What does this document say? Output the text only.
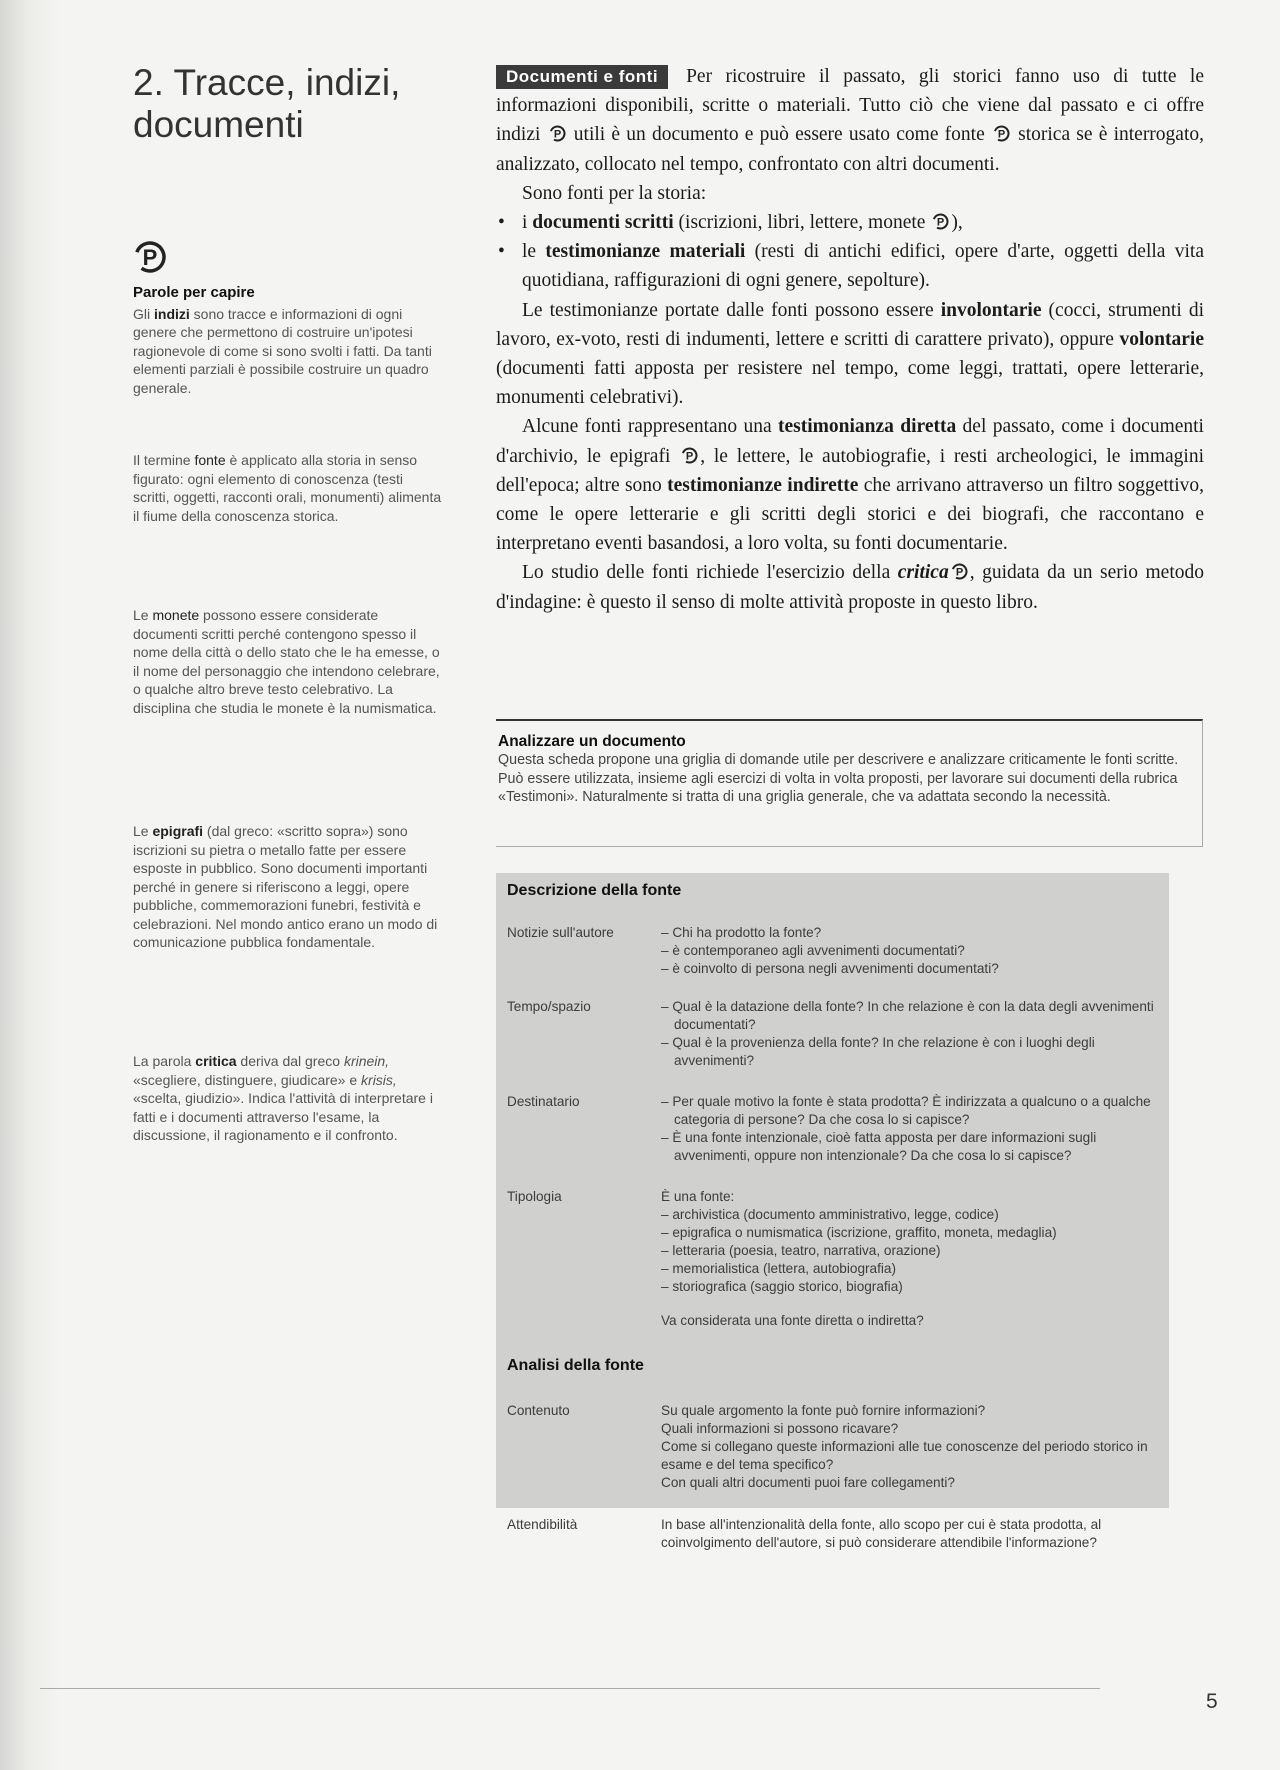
2. Tracce, indizi, documenti
P
Parole per capire
Gli indizi sono tracce e informazioni di ogni genere che permettono di costruire un'ipotesi ragionevole di come si sono svolti i fatti. Da tanti elementi parziali è possibile costruire un quadro generale.
Il termine fonte è applicato alla storia in senso figurato: ogni elemento di conoscenza (testi scritti, oggetti, racconti orali, monumenti) alimenta il fiume della conoscenza storica.
Le monete possono essere considerate documenti scritti perché contengono spesso il nome della città o dello stato che le ha emesse, o il nome del personaggio che intendono celebrare, o qualche altro breve testo celebrativo. La disciplina che studia le monete è la numismatica.
Le epigrafi (dal greco: «scritto sopra») sono iscrizioni su pietra o metallo fatte per essere esposte in pubblico. Sono documenti importanti perché in genere si riferiscono a leggi, opere pubbliche, commemorazioni funebri, festività e celebrazioni. Nel mondo antico erano un modo di comunicazione pubblica fondamentale.
La parola critica deriva dal greco krinein, «scegliere, distinguere, giudicare» e krisis, «scelta, giudizio». Indica l'attività di interpretare i fatti e i documenti attraverso l'esame, la discussione, il ragionamento e il confronto.

Documenti e fonti Per ricostruire il passato, gli storici fanno uso di tutte le informazioni disponibili, scritte o materiali. Tutto ciò che viene dal passato e ci offre indizi P utili è un documento e può essere usato come fonte P storica se è interrogato, analizzato, collocato nel tempo, confrontato con altri documenti.

Sono fonti per la storia:

• i documenti scritti (iscrizioni, libri, lettere, monete P ),
• le testimonianze materiali (resti di antichi edifici, opere d'arte, oggetti della vita quotidiana, raffigurazioni di ogni genere, sepolture).

Le testimonianze portate dalle fonti possono essere involontarie (cocci, strumenti di lavoro, ex-voto, resti di indumenti, lettere e scritti di carattere privato), oppure volontarie (documenti fatti apposta per resistere nel tempo, come leggi, trattati, opere letterarie, monumenti celebrativi).

Alcune fonti rappresentano una testimonianza diretta del passato, come i documenti d'archivio, le epigrafi P , le lettere, le autobiografie, i resti archeologici, le immagini dell'epoca; altre sono testimonianze indirette che arrivano attraverso un filtro soggettivo, come le opere letterarie e gli scritti degli storici e dei biografi, che raccontano e interpretano eventi basandosi, a loro volta, su fonti documentarie.

Lo studio delle fonti richiede l'esercizio della critica P , guidata da un serio metodo d'indagine: è questo il senso di molte attività proposte in questo libro.

Analizzare un documento

Questa scheda propone una griglia di domande utile per descrivere e analizzare criticamente le fonti scritte. Può essere utilizzata, insieme agli esercizi di volta in volta proposti, per lavorare sui documenti della rubrica «Testimoni». Naturalmente si tratta di una griglia generale, che va adattata secondo la necessità.

Descrizione della fonte
Notizie sull'autore	– Chi ha prodotto la fonte?
– è contemporaneo agli avvenimenti documentati?
– è coinvolto di persona negli avvenimenti documentati?
Tempo/spazio	– Qual è la datazione della fonte? In che relazione è con la data degli avvenimenti documentati?
– Qual è la provenienza della fonte? In che relazione è con i luoghi degli avvenimenti?
Destinatario	– Per quale motivo la fonte è stata prodotta? È indirizzata a qualcuno o a qualche categoria di persone? Da che cosa lo si capisce?
– È una fonte intenzionale, cioè fatta apposta per dare informazioni sugli avvenimenti, oppure non intenzionale? Da che cosa lo si capisce?
Tipologia	È una fonte:
– archivistica (documento amministrativo, legge, codice)
– epigrafica o numismatica (iscrizione, graffito, moneta, medaglia)
– letteraria (poesia, teatro, narrativa, orazione)
– memorialistica (lettera, autobiografia)
– storiografica (saggio storico, biografia)
Va considerata una fonte diretta o indiretta?
Analisi della fonte
Contenuto	Su quale argomento la fonte può fornire informazioni?
Quali informazioni si possono ricavare?
Come si collegano queste informazioni alle tue conoscenze del periodo storico in esame e del tema specifico?
Con quali altri documenti puoi fare collegamenti?
Attendibilità	In base all'intenzionalità della fonte, allo scopo per cui è stata prodotta, al coinvolgimento dell'autore, si può considerare attendibile l'informazione?
5
